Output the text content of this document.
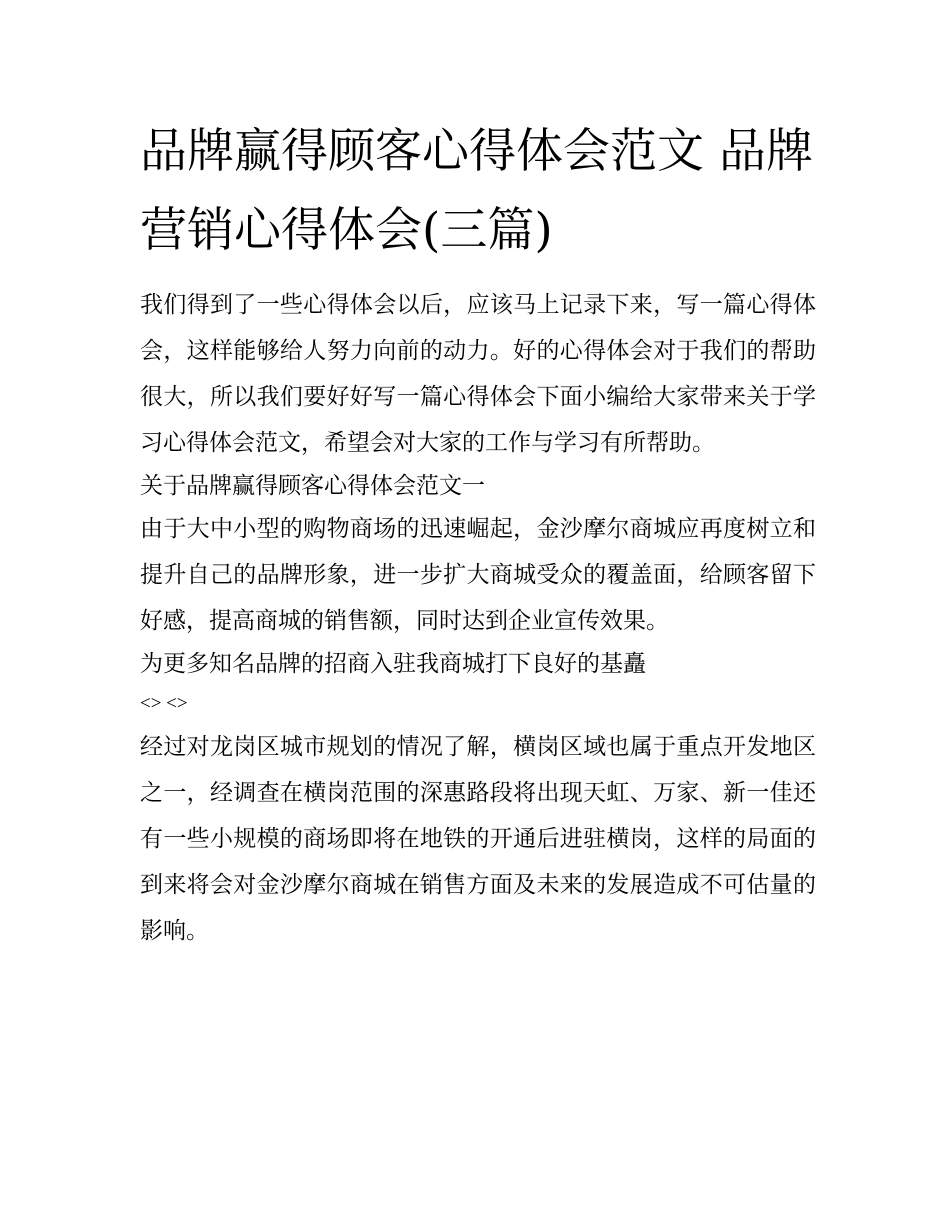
品牌赢得顾客心得体会范文 品牌营销心得体会(三篇)

我们得到了一些心得体会以后，应该马上记录下来，写一篇心得体会，这样能够给人努力向前的动力。好的心得体会对于我们的帮助很大，所以我们要好好写一篇心得体会下面小编给大家带来关于学习心得体会范文，希望会对大家的工作与学习有所帮助。

关于品牌赢得顾客心得体会范文一

由于大中小型的购物商场的迅速崛起，金沙摩尔商城应再度树立和提升自己的品牌形象，进一步扩大商城受众的覆盖面，给顾客留下好感，提高商城的销售额，同时达到企业宣传效果。

为更多知名品牌的招商入驻我商城打下良好的基矗

<> <>

经过对龙岗区城市规划的情况了解，横岗区域也属于重点开发地区之一，经调查在横岗范围的深惠路段将出现天虹、万家、新一佳还有一些小规模的商场即将在地铁的开通后进驻横岗，这样的局面的到来将会对金沙摩尔商城在销售方面及未来的发展造成不可估量的影响。
